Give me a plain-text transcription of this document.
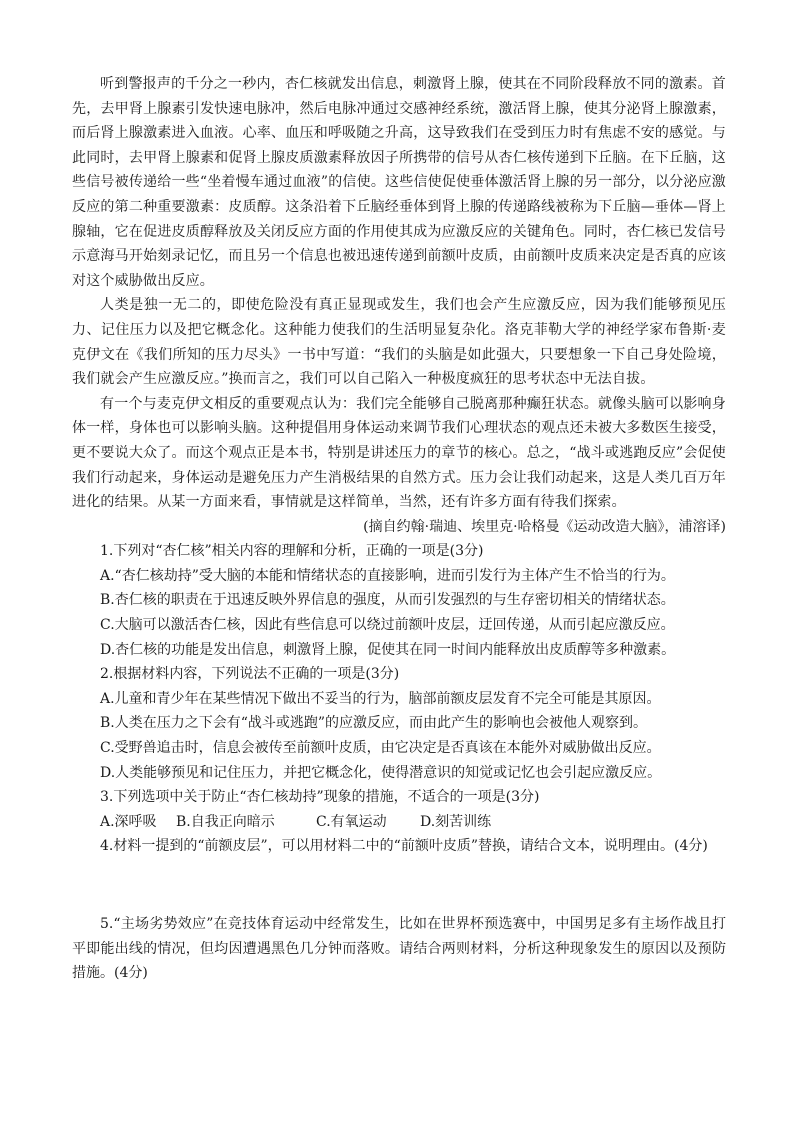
听到警报声的千分之一秒内，杏仁核就发出信息，刺激肾上腺，使其在不同阶段释放不同的激素。首先，去甲肾上腺素引发快速电脉冲，然后电脉冲通过交感神经系统，激活肾上腺，使其分泌肾上腺激素，而后肾上腺激素进入血液。心率、血压和呼吸随之升高，这导致我们在受到压力时有焦虑不安的感觉。与此同时，去甲肾上腺素和促肾上腺皮质激素释放因子所携带的信号从杏仁核传递到下丘脑。在下丘脑，这些信号被传递给一些“坐着慢车通过血液”的信使。这些信使促使垂体激活肾上腺的另一部分，以分泌应激反应的第二种重要激素：皮质醇。这条沿着下丘脑经垂体到肾上腺的传递路线被称为下丘脑—垂体—肾上腺轴，它在促进皮质醇释放及关闭反应方面的作用使其成为应激反应的关键角色。同时，杏仁核已发信号示意海马开始刻录记忆，而且另一个信息也被迅速传递到前额叶皮质，由前额叶皮质来决定是否真的应该对这个威胁做出反应。

人类是独一无二的，即使危险没有真正显现或发生，我们也会产生应激反应，因为我们能够预见压力、记住压力以及把它概念化。这种能力使我们的生活明显复杂化。洛克菲勒大学的神经学家布鲁斯·麦克伊文在《我们所知的压力尽头》一书中写道：“我们的头脑是如此强大，只要想象一下自己身处险境，我们就会产生应激反应。”换而言之，我们可以自己陷入一种极度疯狂的思考状态中无法自拔。

有一个与麦克伊文相反的重要观点认为：我们完全能够自己脱离那种癫狂状态。就像头脑可以影响身体一样，身体也可以影响头脑。这种提倡用身体运动来调节我们心理状态的观点还未被大多数医生接受，更不要说大众了。而这个观点正是本书，特别是讲述压力的章节的核心。总之，“战斗或逃跑反应”会促使我们行动起来，身体运动是避免压力产生消极结果的自然方式。压力会让我们动起来，这是人类几百万年进化的结果。从某一方面来看，事情就是这样简单，当然，还有许多方面有待我们探索。

(摘自约翰·瑞迪、埃里克·哈格曼《运动改造大脑》，浦溶译)

1.下列对“杏仁核”相关内容的理解和分析，正确的一项是(3分)

A.“杏仁核劫持”受大脑的本能和情绪状态的直接影响，进而引发行为主体产生不恰当的行为。

B.杏仁核的职责在于迅速反映外界信息的强度，从而引发强烈的与生存密切相关的情绪状态。

C.大脑可以激活杏仁核，因此有些信息可以绕过前额叶皮层，迂回传递，从而引起应激反应。

D.杏仁核的功能是发出信息，刺激肾上腺，促使其在同一时间内能释放出皮质醇等多种激素。

2.根据材料内容，下列说法不正确的一项是(3分)

A.儿童和青少年在某些情况下做出不妥当的行为，脑部前额皮层发育不完全可能是其原因。

B.人类在压力之下会有“战斗或逃跑”的应激反应，而由此产生的影响也会被他人观察到。

C.受野兽追击时，信息会被传至前额叶皮质，由它决定是否真该在本能外对威胁做出反应。

D.人类能够预见和记住压力，并把它概念化，使得潜意识的知觉或记忆也会引起应激反应。

3.下列选项中关于防止“杏仁核劫持”现象的措施，不适合的一项是(3分)

A.深呼吸	B.自我正向暗示	C.有氧运动	D.刻苦训练

4.材料一提到的“前额皮层”，可以用材料二中的“前额叶皮质”替换，请结合文本，说明理由。(4分)

5.“主场劣势效应”在竞技体育运动中经常发生，比如在世界杯预选赛中，中国男足多有主场作战且打平即能出线的情况，但均因遭遇黑色几分钟而落败。请结合两则材料，分析这种现象发生的原因以及预防措施。(4分)
